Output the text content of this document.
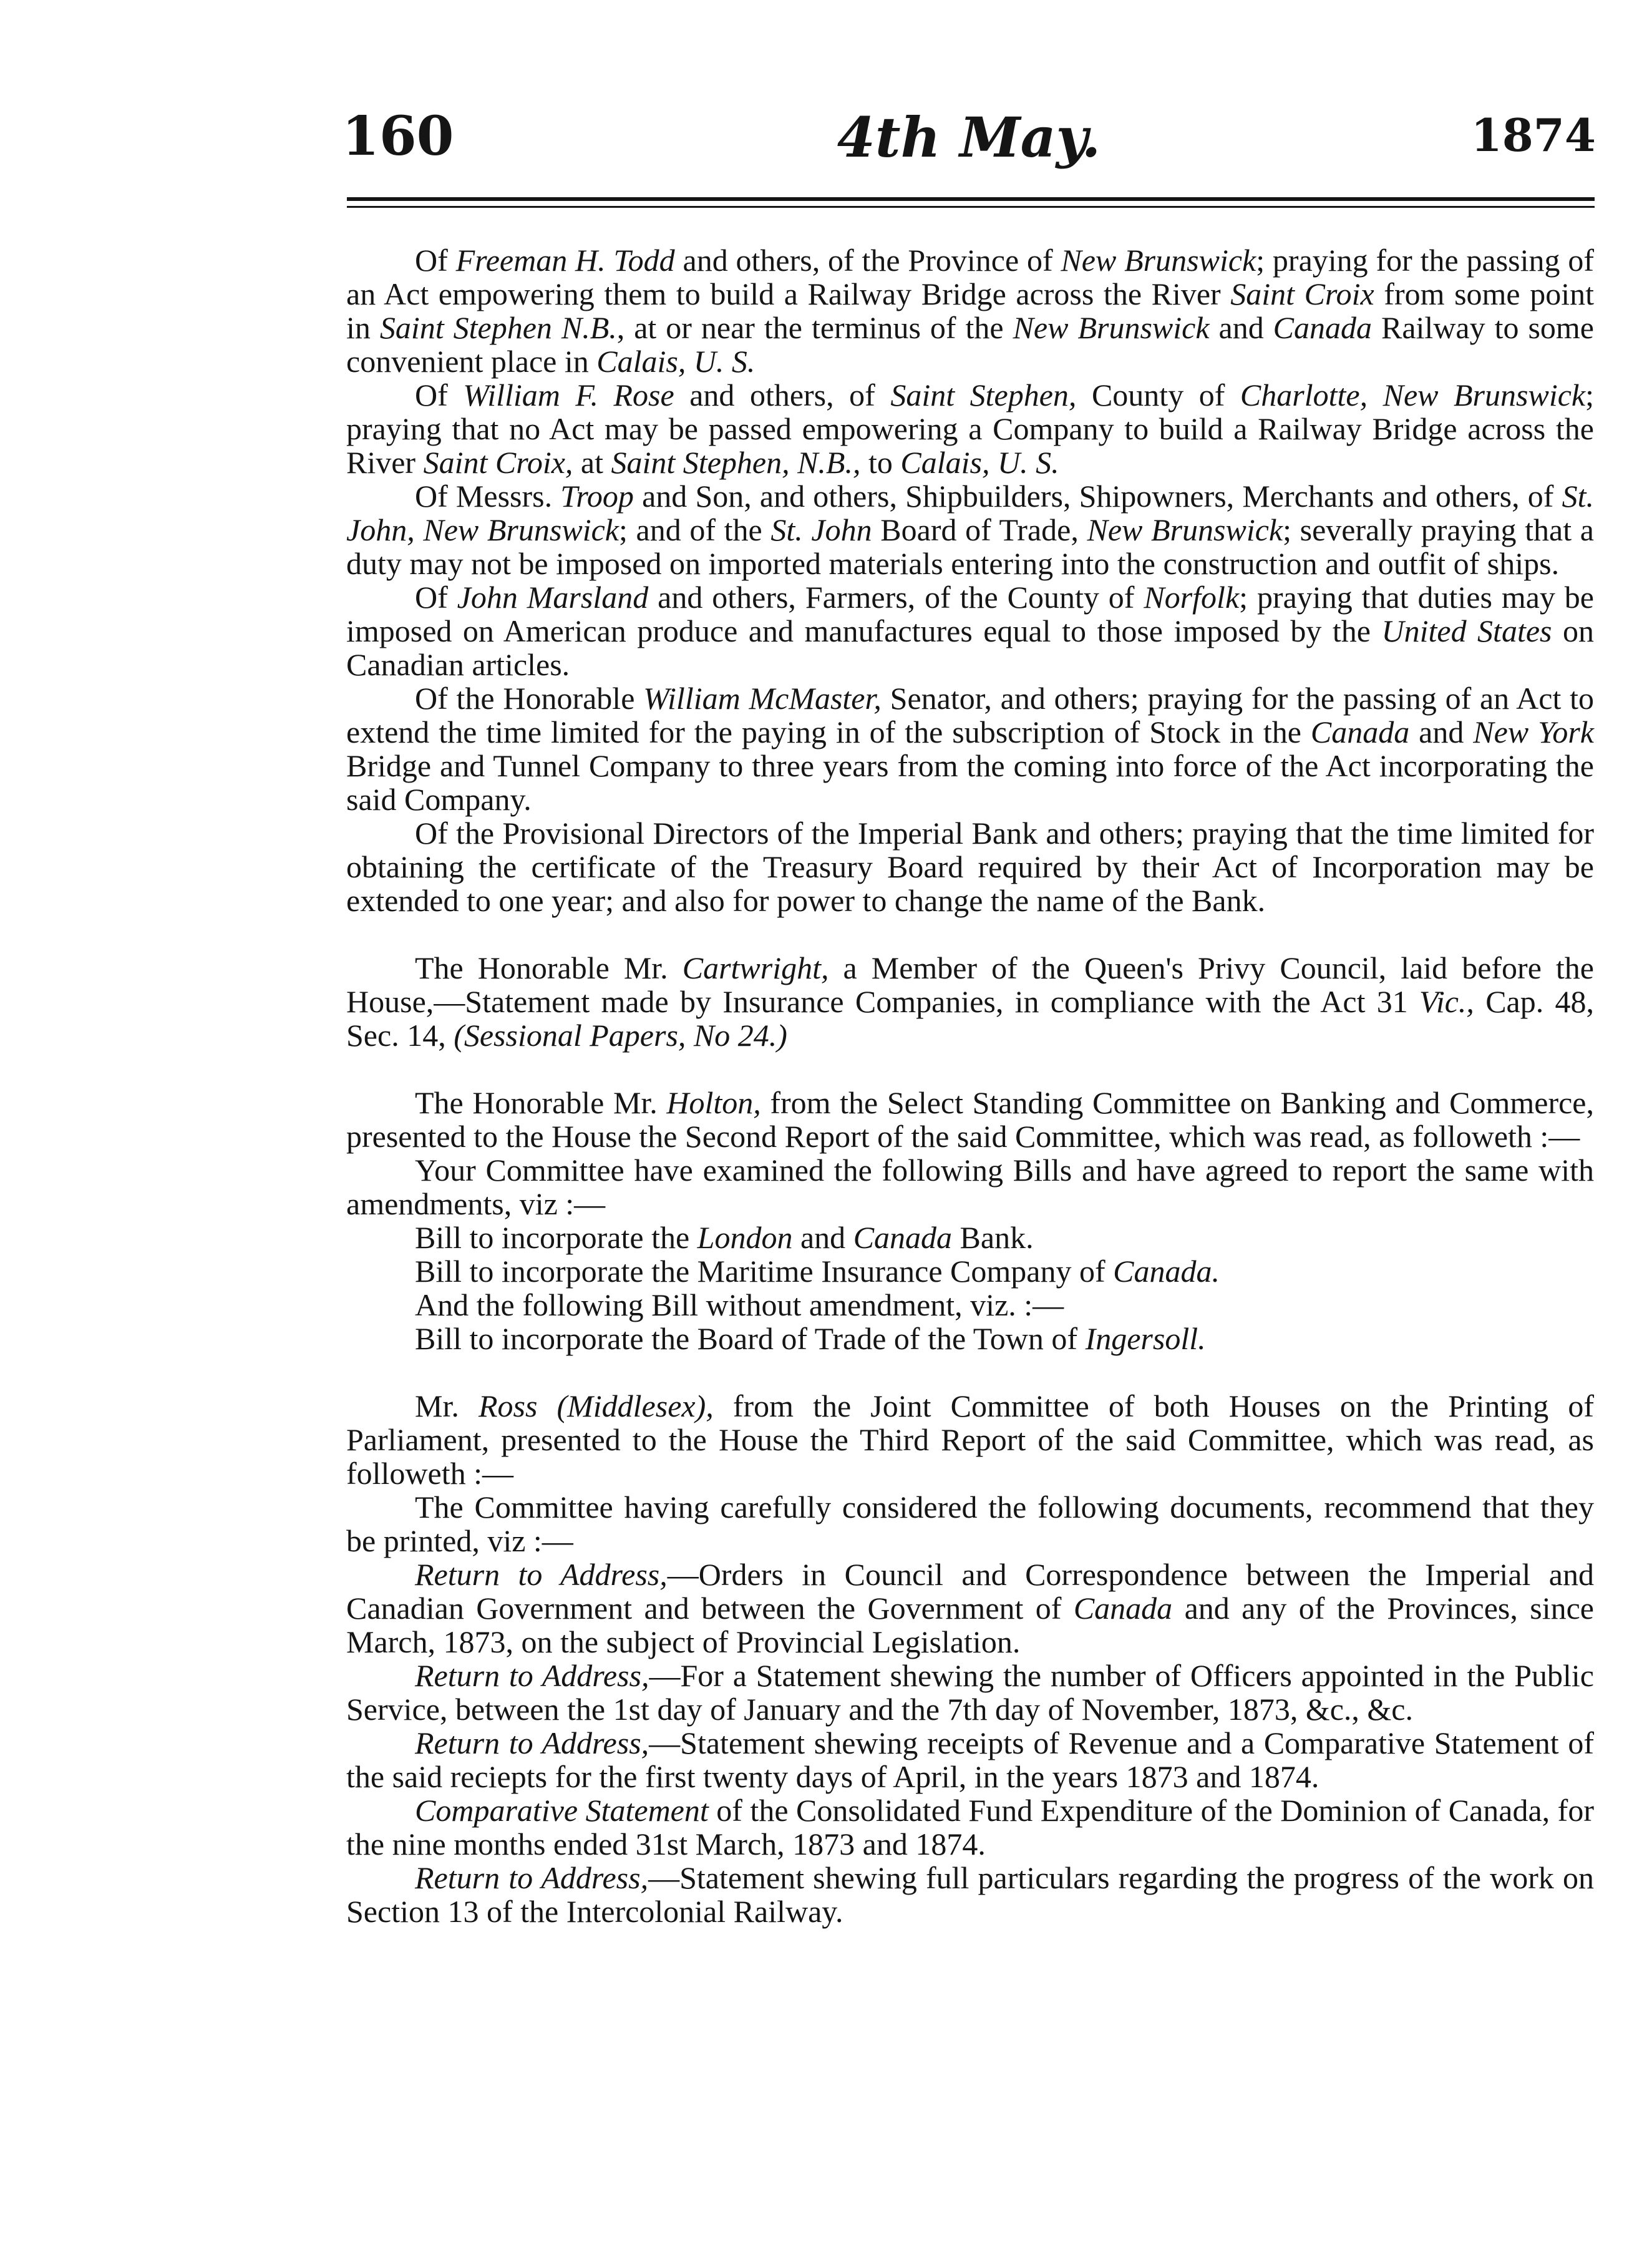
160	4th May.	1874

Of Freeman H. Todd and others, of the Province of New Brunswick; praying for the passing of an Act empowering them to build a Railway Bridge across the River Saint Croix from some point in Saint Stephen N.B., at or near the terminus of the New Brunswick and Canada Railway to some convenient place in Calais, U. S.

Of William F. Rose and others, of Saint Stephen, County of Charlotte, New Brunswick; praying that no Act may be passed empowering a Company to build a Railway Bridge across the River Saint Croix, at Saint Stephen, N.B., to Calais, U. S.

Of Messrs. Troop and Son, and others, Shipbuilders, Shipowners, Merchants and others, of St. John, New Brunswick; and of the St. John Board of Trade, New Brunswick; severally praying that a duty may not be imposed on imported materials entering into the construction and outfit of ships.

Of John Marsland and others, Farmers, of the County of Norfolk; praying that duties may be imposed on American produce and manufactures equal to those imposed by the United States on Canadian articles.

Of the Honorable William McMaster, Senator, and others; praying for the passing of an Act to extend the time limited for the paying in of the subscription of Stock in the Canada and New York Bridge and Tunnel Company to three years from the coming into force of the Act incorporating the said Company.

Of the Provisional Directors of the Imperial Bank and others; praying that the time limited for obtaining the certificate of the Treasury Board required by their Act of Incorporation may be extended to one year; and also for power to change the name of the Bank.

The Honorable Mr. Cartwright, a Member of the Queen's Privy Council, laid before the House,—Statement made by Insurance Companies, in compliance with the Act 31 Vic., Cap. 48, Sec. 14, (Sessional Papers, No 24.)

The Honorable Mr. Holton, from the Select Standing Committee on Banking and Commerce, presented to the House the Second Report of the said Committee, which was read, as followeth :—

Your Committee have examined the following Bills and have agreed to report the same with amendments, viz :—

Bill to incorporate the London and Canada Bank.

Bill to incorporate the Maritime Insurance Company of Canada.

And the following Bill without amendment, viz. :—

Bill to incorporate the Board of Trade of the Town of Ingersoll.

Mr. Ross (Middlesex), from the Joint Committee of both Houses on the Printing of Parliament, presented to the House the Third Report of the said Committee, which was read, as followeth :—

The Committee having carefully considered the following documents, recommend that they be printed, viz :—

Return to Address,—Orders in Council and Correspondence between the Imperial and Canadian Government and between the Government of Canada and any of the Provinces, since March, 1873, on the subject of Provincial Legislation.

Return to Address,—For a Statement shewing the number of Officers appointed in the Public Service, between the 1st day of January and the 7th day of November, 1873, &c., &c.

Return to Address,—Statement shewing receipts of Revenue and a Comparative Statement of the said reciepts for the first twenty days of April, in the years 1873 and 1874.

Comparative Statement of the Consolidated Fund Expenditure of the Dominion of Canada, for the nine months ended 31st March, 1873 and 1874.

Return to Address,—Statement shewing full particulars regarding the progress of the work on Section 13 of the Intercolonial Railway.
